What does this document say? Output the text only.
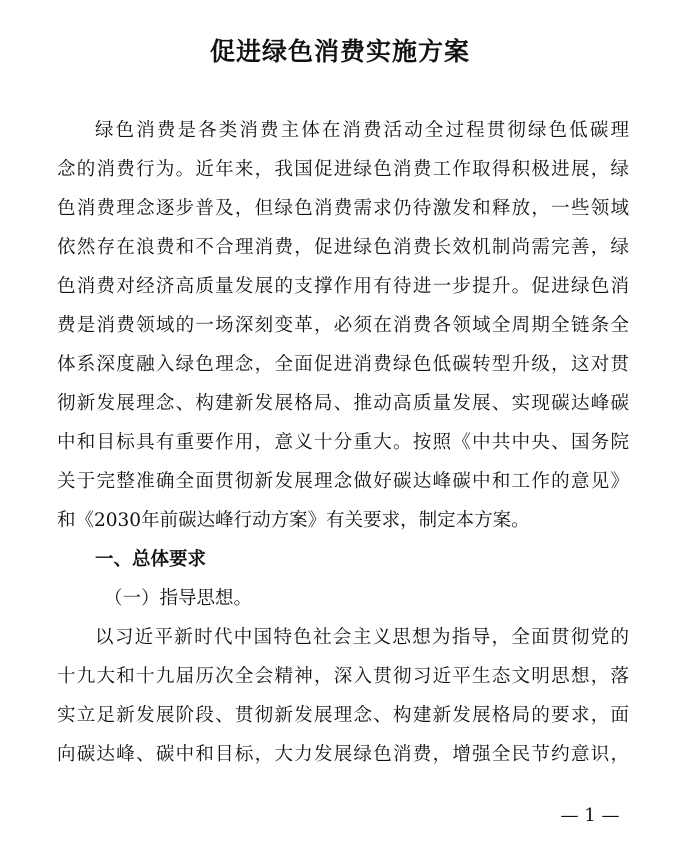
促进绿色消费实施方案
绿色消费是各类消费主体在消费活动全过程贯彻绿色低碳理
念的消费行为。近年来，我国促进绿色消费工作取得积极进展，绿
色消费理念逐步普及，但绿色消费需求仍待激发和释放，一些领域
依然存在浪费和不合理消费，促进绿色消费长效机制尚需完善，绿
色消费对经济高质量发展的支撑作用有待进一步提升。促进绿色消
费是消费领域的一场深刻变革，必须在消费各领域全周期全链条全
体系深度融入绿色理念，全面促进消费绿色低碳转型升级，这对贯
彻新发展理念、构建新发展格局、推动高质量发展、实现碳达峰碳
中和目标具有重要作用，意义十分重大。按照《中共中央、国务院
关于完整准确全面贯彻新发展理念做好碳达峰碳中和工作的意见》
和《2030年前碳达峰行动方案》有关要求，制定本方案。
一、总体要求
（一）指导思想。
以习近平新时代中国特色社会主义思想为指导，全面贯彻党的
十九大和十九届历次全会精神，深入贯彻习近平生态文明思想，落
实立足新发展阶段、贯彻新发展理念、构建新发展格局的要求，面
向碳达峰、碳中和目标，大力发展绿色消费，增强全民节约意识，
— 1 —
